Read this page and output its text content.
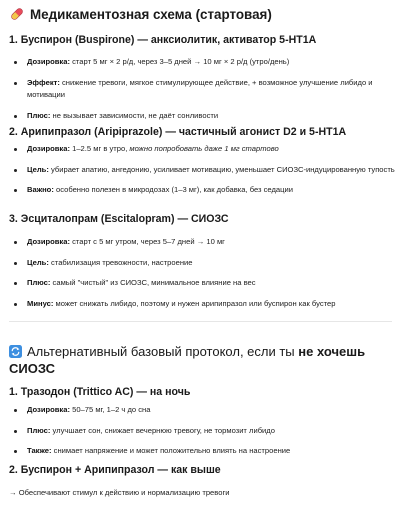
Медикаментозная схема (стартовая)
1. Буспирон (Buspirone) — анксиолитик, активатор 5-HT1A
Дозировка: старт 5 мг × 2 р/д, через 3–5 дней → 10 мг × 2 р/д (утро/день)
Эффект: снижение тревоги, мягкое стимулирующее действие, + возможное улучшение либидо и мотивации
Плюс: не вызывает зависимости, не даёт сонливости
2. Арипипразол (Aripiprazole) — частичный агонист D2 и 5-HT1A
Дозировка: 1–2.5 мг в утро, можно попробовать даже 1 мг стартово
Цель: убирает апатию, ангедонию, усиливает мотивацию, уменьшает СИОЗС-индуцированную тупость
Важно: особенно полезен в микродозах (1–3 мг), как добавка, без седации
3. Эсциталопрам (Escitalopram) — СИОЗС
Дозировка: старт с 5 мг утром, через 5–7 дней → 10 мг
Цель: стабилизация тревожности, настроение
Плюс: самый "чистый" из СИОЗС, минимальное влияние на вес
Минус: может снижать либидо, поэтому и нужен арипипразол или буспирон как бустер
Альтернативный базовый протокол, если ты не хочешь СИОЗС
1. Тразодон (Trittico AC) — на ночь
Дозировка: 50–75 мг, 1–2 ч до сна
Плюс: улучшает сон, снижает вечернюю тревогу, не тормозит либидо
Также: снимает напряжение и может положительно влиять на настроение
2. Буспирон + Арипипразол — как выше

→ Обеспечивают стимул к действию и нормализацию тревоги
